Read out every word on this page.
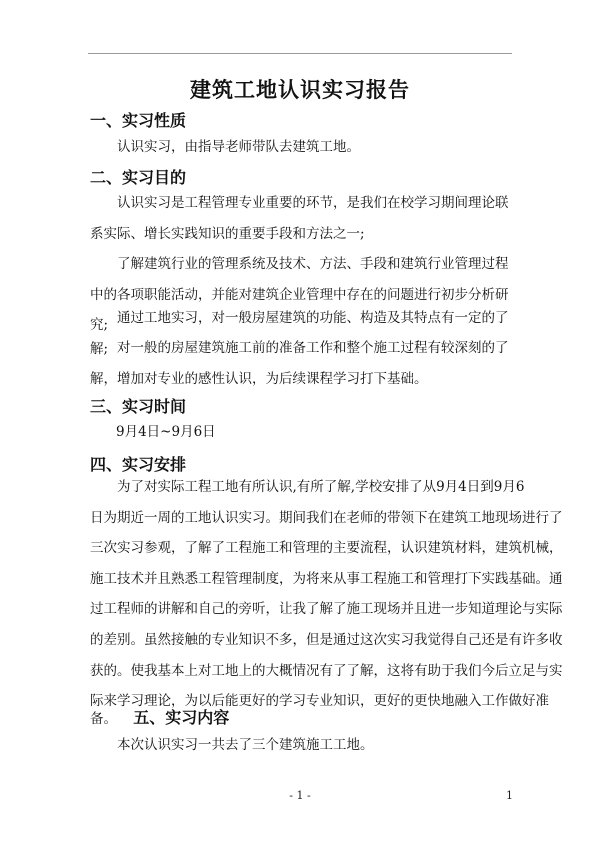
建筑工地认识实习报告
一、实习性质
认识实习，由指导老师带队去建筑工地。
二、实习目的
认识实习是工程管理专业重要的环节，是我们在校学习期间理论联系实际、增长实践知识的重要手段和方法之一;
了解建筑行业的管理系统及技术、方法、手段和建筑行业管理过程中的各项职能活动，并能对建筑企业管理中存在的问题进行初步分析研究; 通过工地实习，对一般房屋建筑的功能、构造及其特点有一定的了解; 对一般的房屋建筑施工前的准备工作和整个施工过程有较深刻的了解，增加对专业的感性认识，为后续课程学习打下基础。
三、实习时间
9月4日~9月6日
四、实习安排
为了对实际工程工地有所认识,有所了解,学校安排了从9月4日到9月6
日为期近一周的工地认识实习。期间我们在老师的带领下在建筑工地现场进行了
三次实习参观，了解了工程施工和管理的主要流程，认识建筑材料，建筑机械，
施工技术并且熟悉工程管理制度，为将来从事工程施工和管理打下实践基础。通
过工程师的讲解和自己的旁听，让我了解了施工现场并且进一步知道理论与实际
的差别。虽然接触的专业知识不多，但是通过这次实习我觉得自己还是有许多收
获的。使我基本上对工地上的大概情况有了了解，这将有助于我们今后立足与实
际来学习理论，为以后能更好的学习专业知识，更好的更快地融入工作做好准
备。 五、实习内容
本次认识实习一共去了三个建筑施工工地。
- 1 -	1
